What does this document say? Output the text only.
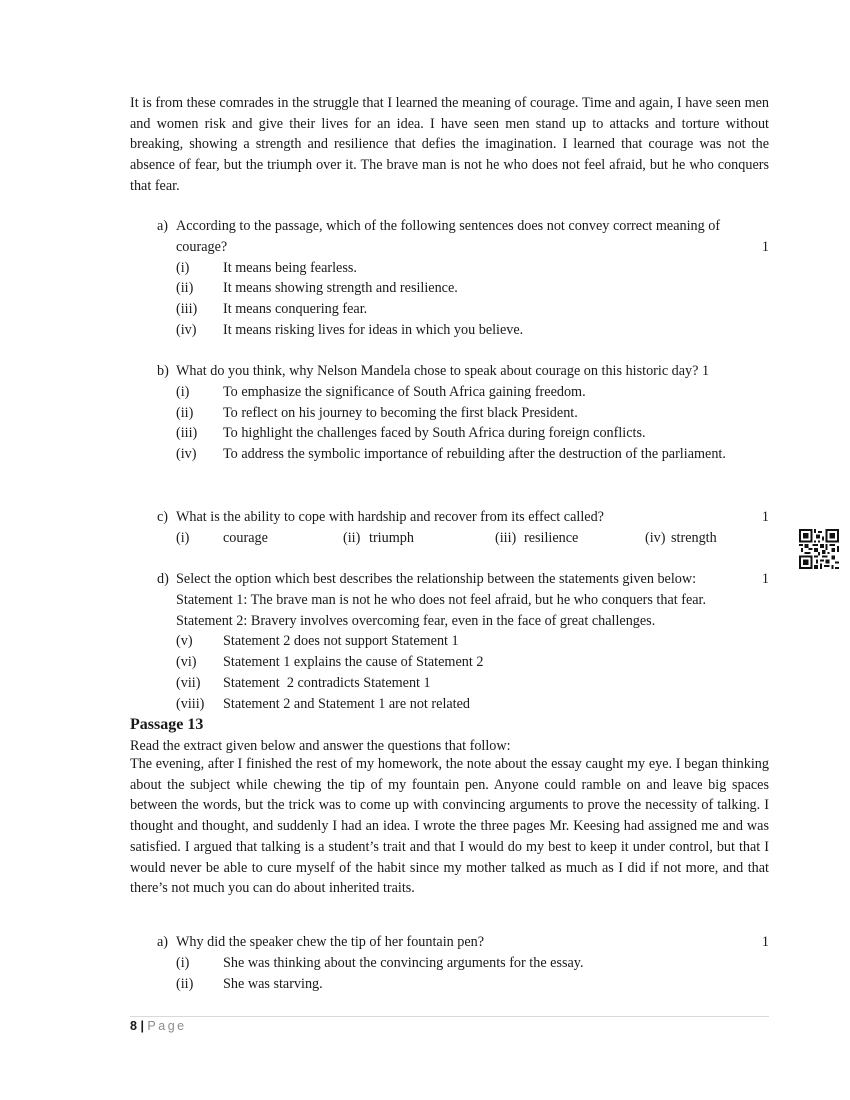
It is from these comrades in the struggle that I learned the meaning of courage. Time and again, I have seen men and women risk and give their lives for an idea. I have seen men stand up to attacks and torture without breaking, showing a strength and resilience that defies the imagination. I learned that courage was not the absence of fear, but the triumph over it. The brave man is not he who does not feel afraid, but he who conquers that fear.

a) According to the passage, which of the following sentences does not convey correct meaning of courage?	1
(i)	It means being fearless.
(ii)	It means showing strength and resilience.
(iii)	It means conquering fear.
(iv)	It means risking lives for ideas in which you believe.
b) What do you think, why Nelson Mandela chose to speak about courage on this historic day? 1
(i)	To emphasize the significance of South Africa gaining freedom.
(ii)	To reflect on his journey to becoming the first black President.
(iii)	To highlight the challenges faced by South Africa during foreign conflicts.
(iv)	To address the symbolic importance of rebuilding after the destruction of the parliament.
c) What is the ability to cope with hardship and recover from its effect called?	1
(i) courage	(ii) triumph	(iii) resilience	(iv) strength
d) Select the option which best describes the relationship between the statements given below:	1
Statement 1: The brave man is not he who does not feel afraid, but he who conquers that fear.
Statement 2: Bravery involves overcoming fear, even in the face of great challenges.
(v)	Statement 2 does not support Statement 1
(vi)	Statement 1 explains the cause of Statement 2
(vii)	Statement  2 contradicts Statement 1
(viii)	Statement 2 and Statement 1 are not related
Passage 13

Read the extract given below and answer the questions that follow:

The evening, after I finished the rest of my homework, the note about the essay caught my eye. I began thinking about the subject while chewing the tip of my fountain pen. Anyone could ramble on and leave big spaces between the words, but the trick was to come up with convincing arguments to prove the necessity of talking. I thought and thought, and suddenly I had an idea. I wrote the three pages Mr. Keesing had assigned me and was satisfied. I argued that talking is a student’s trait and that I would do my best to keep it under control, but that I would never be able to cure myself of the habit since my mother talked as much as I did if not more, and that there’s not much you can do about inherited traits.

a) Why did the speaker chew the tip of her fountain pen?	1
(i)	She was thinking about the convincing arguments for the essay.
(ii)	She was starving.
8 | Page
